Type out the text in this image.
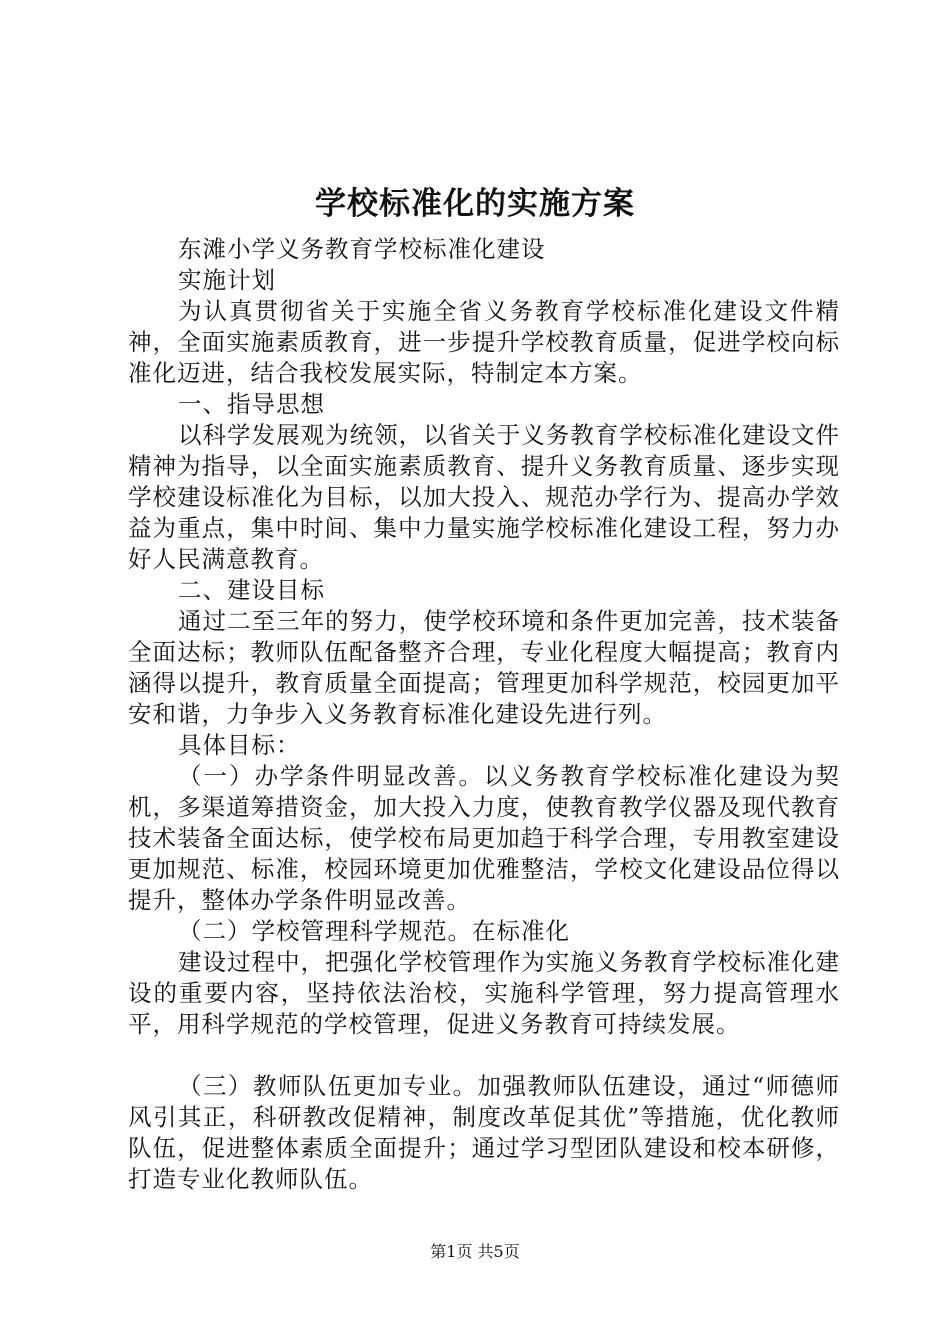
学校标准化的实施方案

东滩小学义务教育学校标准化建设

实施计划

为认真贯彻省关于实施全省义务教育学校标准化建设文件精神，全面实施素质教育，进一步提升学校教育质量，促进学校向标准化迈进，结合我校发展实际，特制定本方案。

一、指导思想

以科学发展观为统领，以省关于义务教育学校标准化建设文件精神为指导，以全面实施素质教育、提升义务教育质量、逐步实现学校建设标准化为目标，以加大投入、规范办学行为、提高办学效益为重点，集中时间、集中力量实施学校标准化建设工程，努力办好人民满意教育。

二、建设目标

通过二至三年的努力，使学校环境和条件更加完善，技术装备全面达标；教师队伍配备整齐合理，专业化程度大幅提高；教育内涵得以提升，教育质量全面提高；管理更加科学规范，校园更加平安和谐，力争步入义务教育标准化建设先进行列。

具体目标：

（一）办学条件明显改善。以义务教育学校标准化建设为契机，多渠道筹措资金，加大投入力度，使教育教学仪器及现代教育技术装备全面达标，使学校布局更加趋于科学合理，专用教室建设更加规范、标准，校园环境更加优雅整洁，学校文化建设品位得以提升，整体办学条件明显改善。

（二）学校管理科学规范。在标准化

建设过程中，把强化学校管理作为实施义务教育学校标准化建设的重要内容，坚持依法治校，实施科学管理，努力提高管理水平，用科学规范的学校管理，促进义务教育可持续发展。

（三）教师队伍更加专业。加强教师队伍建设，通过“师德师风引其正，科研教改促精神，制度改革促其优”等措施，优化教师队伍，促进整体素质全面提升；通过学习型团队建设和校本研修，打造专业化教师队伍。

第1页 共5页
